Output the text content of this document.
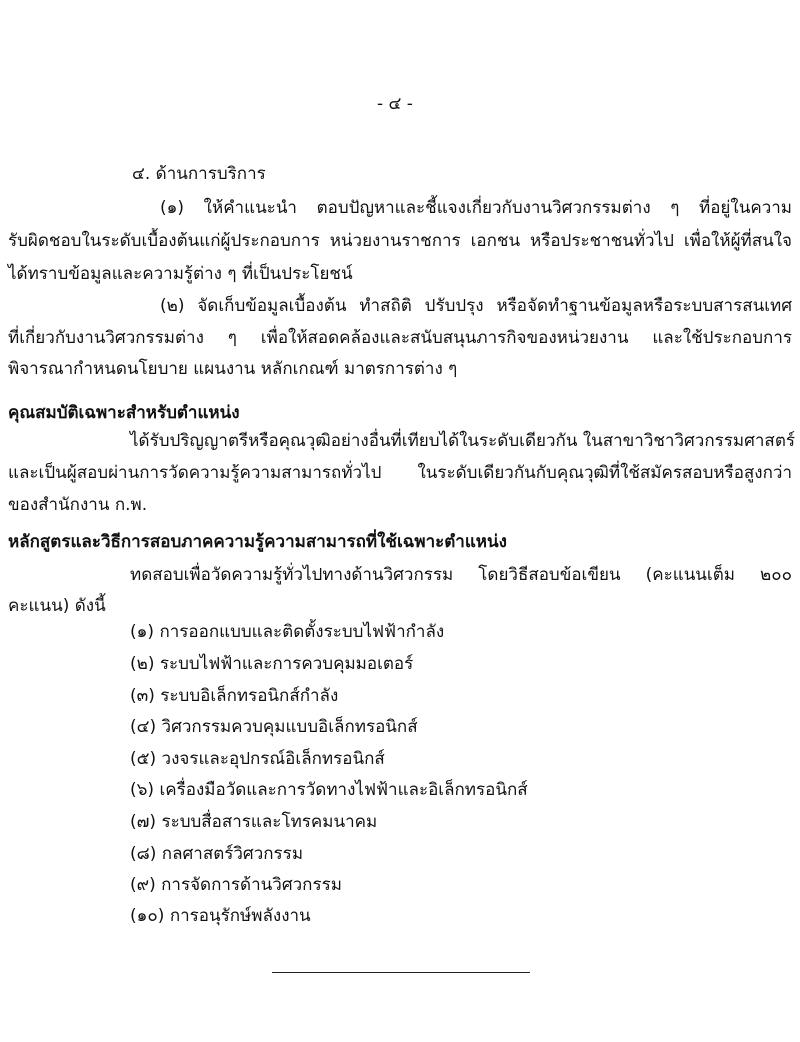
- ๔ -
๔. ด้านการบริการ
(๑) ให้คำแนะนำ ตอบปัญหาและชี้แจงเกี่ยวกับงานวิศวกรรมต่าง ๆ ที่อยู่ในความ
รับผิดชอบในระดับเบื้องต้นแก่ผู้ประกอบการ หน่วยงานราชการ เอกชน หรือประชาชนทั่วไป เพื่อให้ผู้ที่สนใจ
ได้ทราบข้อมูลและความรู้ต่าง ๆ ที่เป็นประโยชน์
(๒) จัดเก็บข้อมูลเบื้องต้น ทำสถิติ ปรับปรุง หรือจัดทำฐานข้อมูลหรือระบบสารสนเทศ
ที่เกี่ยวกับงานวิศวกรรมต่าง ๆ เพื่อให้สอดคล้องและสนับสนุนภารกิจของหน่วยงาน และใช้ประกอบการ
พิจารณากำหนดนโยบาย แผนงาน หลักเกณฑ์ มาตรการต่าง ๆ
คุณสมบัติเฉพาะสำหรับตำแหน่ง
ได้รับปริญญาตรีหรือคุณวุฒิอย่างอื่นที่เทียบได้ในระดับเดียวกัน ในสาขาวิชาวิศวกรรมศาสตร์
และเป็นผู้สอบผ่านการวัดความรู้ความสามารถทั่วไป ในระดับเดียวกันกับคุณวุฒิที่ใช้สมัครสอบหรือสูงกว่า
ของสำนักงาน ก.พ.
หลักสูตรและวิธีการสอบภาคความรู้ความสามารถที่ใช้เฉพาะตำแหน่ง
ทดสอบเพื่อวัดความรู้ทั่วไปทางด้านวิศวกรรม โดยวิธีสอบข้อเขียน (คะแนนเต็ม ๒๐๐
คะแนน) ดังนี้
(๑) การออกแบบและติดตั้งระบบไฟฟ้ากำลัง
(๒) ระบบไฟฟ้าและการควบคุมมอเตอร์
(๓) ระบบอิเล็กทรอนิกส์กำลัง
(๔) วิศวกรรมควบคุมแบบอิเล็กทรอนิกส์
(๕) วงจรและอุปกรณ์อิเล็กทรอนิกส์
(๖) เครื่องมือวัดและการวัดทางไฟฟ้าและอิเล็กทรอนิกส์
(๗) ระบบสื่อสารและโทรคมนาคม
(๘) กลศาสตร์วิศวกรรม
(๙) การจัดการด้านวิศวกรรม
(๑๐) การอนุรักษ์พลังงาน
